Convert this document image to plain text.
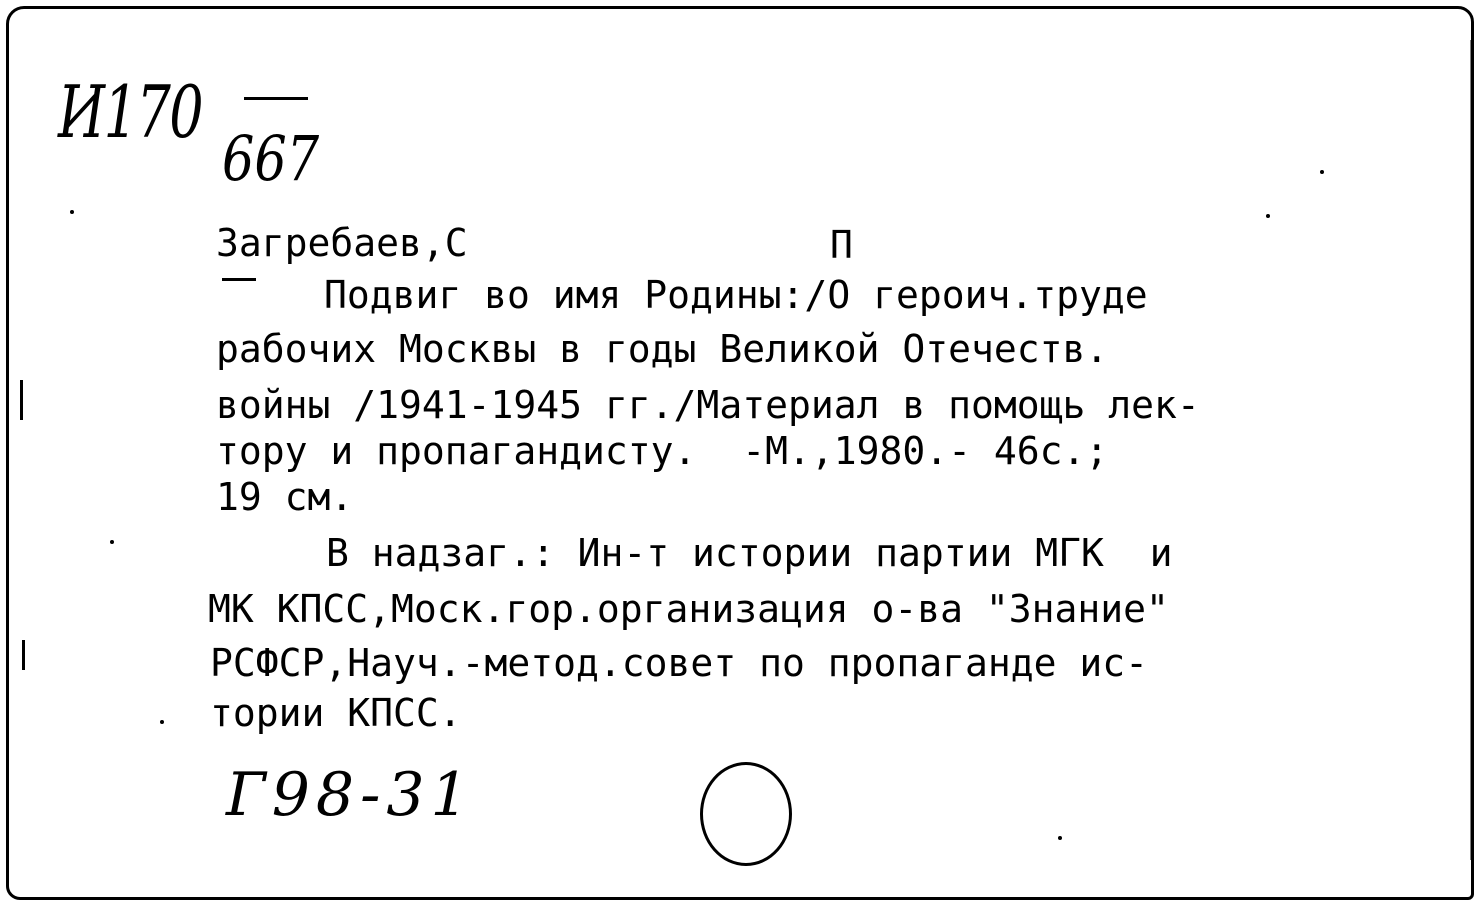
И170
667
Загребаев,С	П
Подвиг во имя Родины:/О героич.труде
рабочих Москвы в годы Великой Отечеств.
войны /1941-1945 гг./Материал в помощь лек-
тору и пропагандисту.  -М.,1980.- 46с.;
19 см.
В надзаг.: Ин-т истории партии МГК  и
МК КПСС,Моск.гор.организация о-ва "Знание"
РСФСР,Науч.-метод.совет по пропаганде ис-
тории КПСС.
Г98-31
